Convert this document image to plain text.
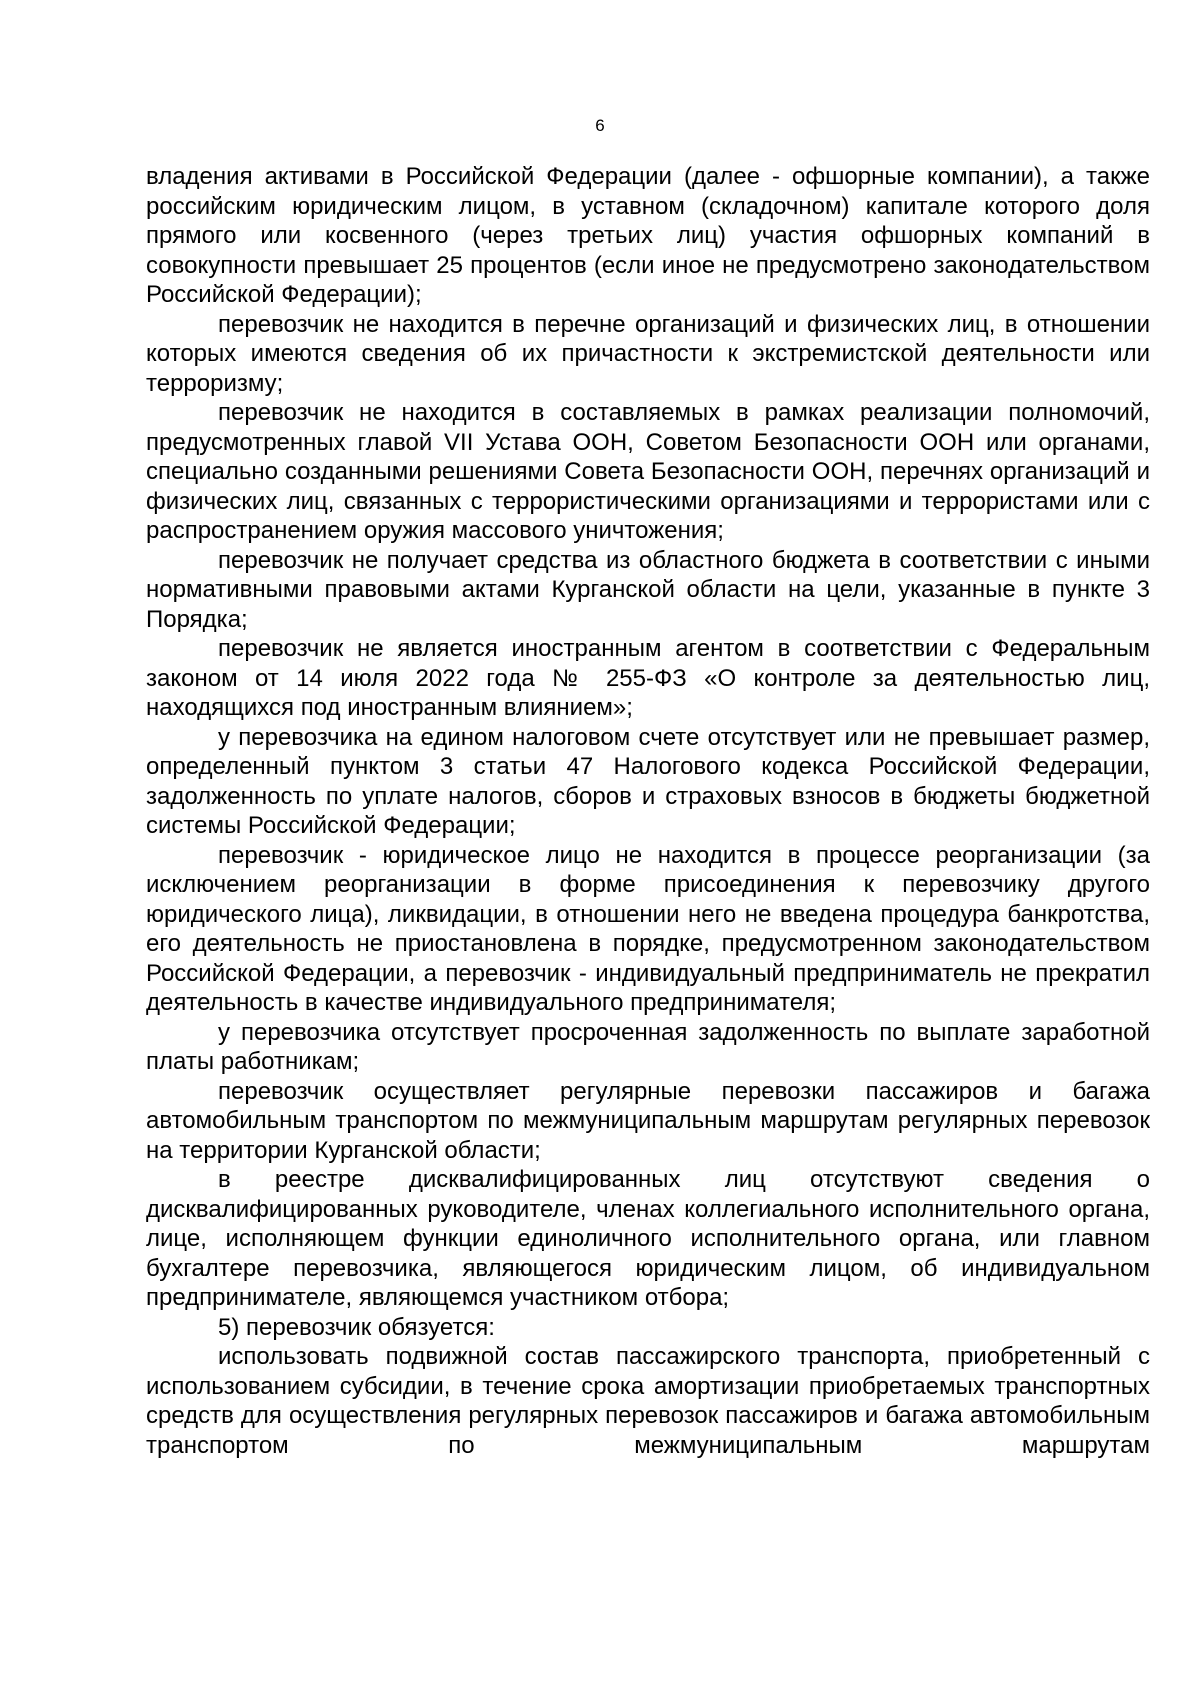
6

владения активами в Российской Федерации (далее - офшорные компании), а также российским юридическим лицом, в уставном (складочном) капитале которого доля прямого или косвенного (через третьих лиц) участия офшорных компаний в совокупности превышает 25 процентов (если иное не предусмотрено законодательством Российской Федерации);

перевозчик не находится в перечне организаций и физических лиц, в отношении которых имеются сведения об их причастности к экстремистской деятельности или терроризму;

перевозчик не находится в составляемых в рамках реализации полномочий, предусмотренных главой VII Устава ООН, Советом Безопасности ООН или органами, специально созданными решениями Совета Безопасности ООН, перечнях организаций и физических лиц, связанных с террористическими организациями и террористами или с распространением оружия массового уничтожения;

перевозчик не получает средства из областного бюджета в соответствии с иными нормативными правовыми актами Курганской области на цели, указанные в пункте 3 Порядка;

перевозчик не является иностранным агентом в соответствии с Федеральным законом от 14 июля 2022 года № 255-ФЗ «О контроле за деятельностью лиц, находящихся под иностранным влиянием»;

у перевозчика на едином налоговом счете отсутствует или не превышает размер, определенный пунктом 3 статьи 47 Налогового кодекса Российской Федерации, задолженность по уплате налогов, сборов и страховых взносов в бюджеты бюджетной системы Российской Федерации;

перевозчик - юридическое лицо не находится в процессе реорганизации (за исключением реорганизации в форме присоединения к перевозчику другого юридического лица), ликвидации, в отношении него не введена процедура банкротства, его деятельность не приостановлена в порядке, предусмотренном законодательством Российской Федерации, а перевозчик - индивидуальный предприниматель не прекратил деятельность в качестве индивидуального предпринимателя;

у перевозчика отсутствует просроченная задолженность по выплате заработной платы работникам;

перевозчик осуществляет регулярные перевозки пассажиров и багажа автомобильным транспортом по межмуниципальным маршрутам регулярных перевозок на территории Курганской области;

в реестре дисквалифицированных лиц отсутствуют сведения о дисквалифицированных руководителе, членах коллегиального исполнительного органа, лице, исполняющем функции единоличного исполнительного органа, или главном бухгалтере перевозчика, являющегося юридическим лицом, об индивидуальном предпринимателе, являющемся участником отбора;

5) перевозчик обязуется:

использовать подвижной состав пассажирского транспорта, приобретенный с использованием субсидии, в течение срока амортизации приобретаемых транспортных средств для осуществления регулярных перевозок пассажиров и багажа автомобильным транспортом по межмуниципальным маршрутам
